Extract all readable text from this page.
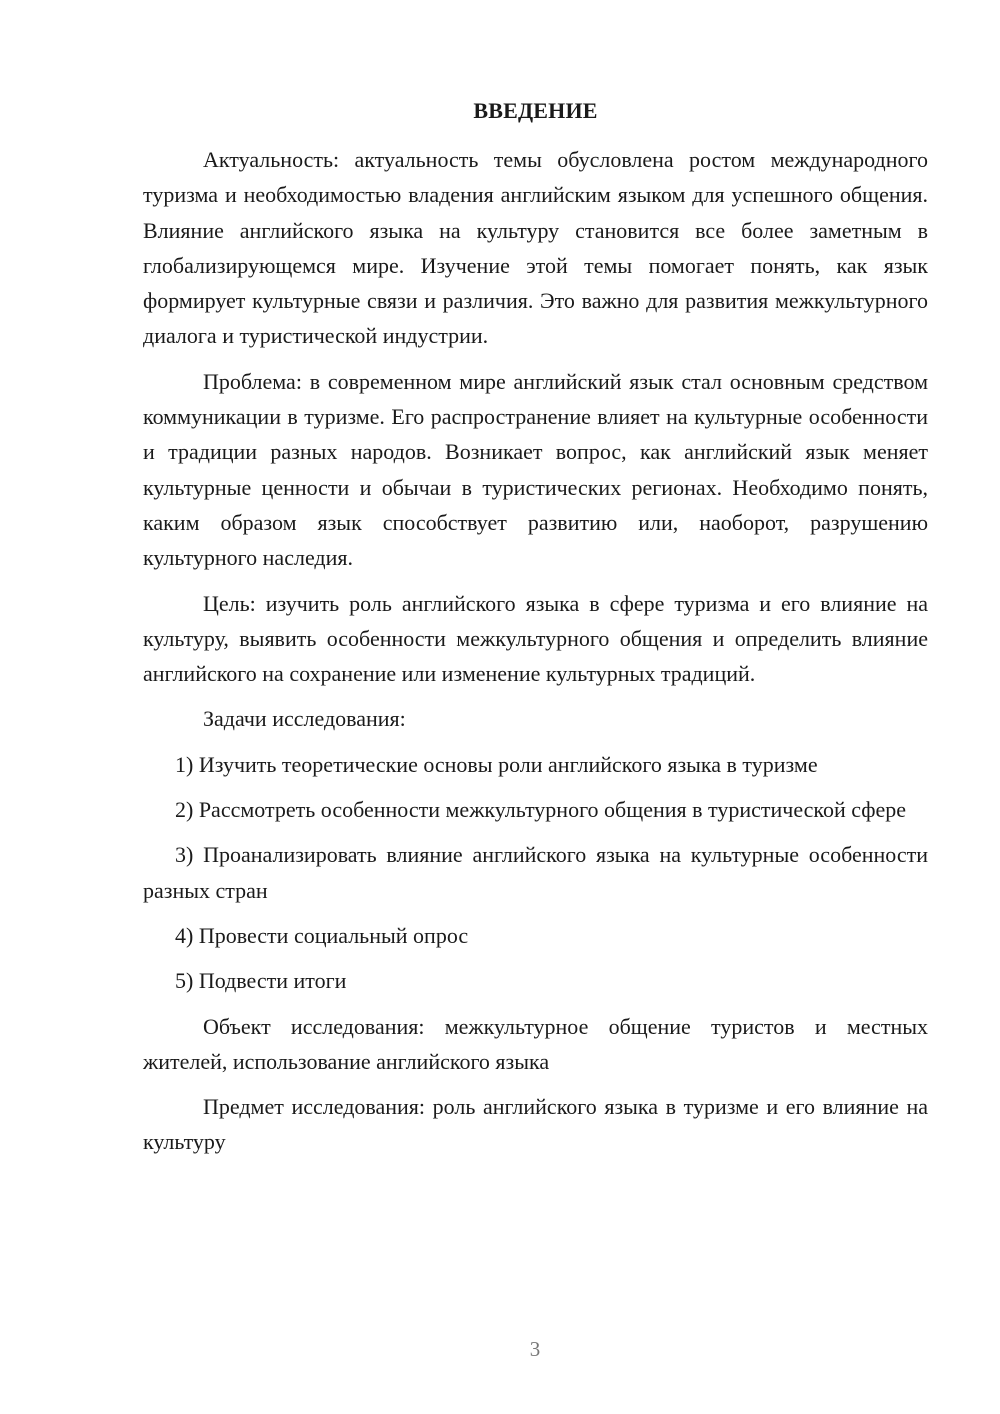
ВВЕДЕНИЕ

Актуальность: актуальность темы обусловлена ростом международного туризма и необходимостью владения английским языком для успешного общения. Влияние английского языка на культуру становится все более заметным в глобализирующемся мире. Изучение этой темы помогает понять, как язык формирует культурные связи и различия. Это важно для развития межкультурного диалога и туристической индустрии.

Проблема: в современном мире английский язык стал основным средством коммуникации в туризме. Его распространение влияет на культурные особенности и традиции разных народов. Возникает вопрос, как английский язык меняет культурные ценности и обычаи в туристических регионах. Необходимо понять, каким образом язык способствует развитию или, наоборот, разрушению культурного наследия.

Цель: изучить роль английского языка в сфере туризма и его влияние на культуру, выявить особенности межкультурного общения и определить влияние английского на сохранение или изменение культурных традиций.

Задачи исследования:

1) Изучить теоретические основы роли английского языка в туризме

2) Рассмотреть особенности межкультурного общения в туристической сфере

3) Проанализировать влияние английского языка на культурные особенности разных стран

4) Провести социальный опрос

5) Подвести итоги

Объект исследования: межкультурное общение туристов и местных жителей, использование английского языка

Предмет исследования: роль английского языка в туризме и его влияние на культуру

3
